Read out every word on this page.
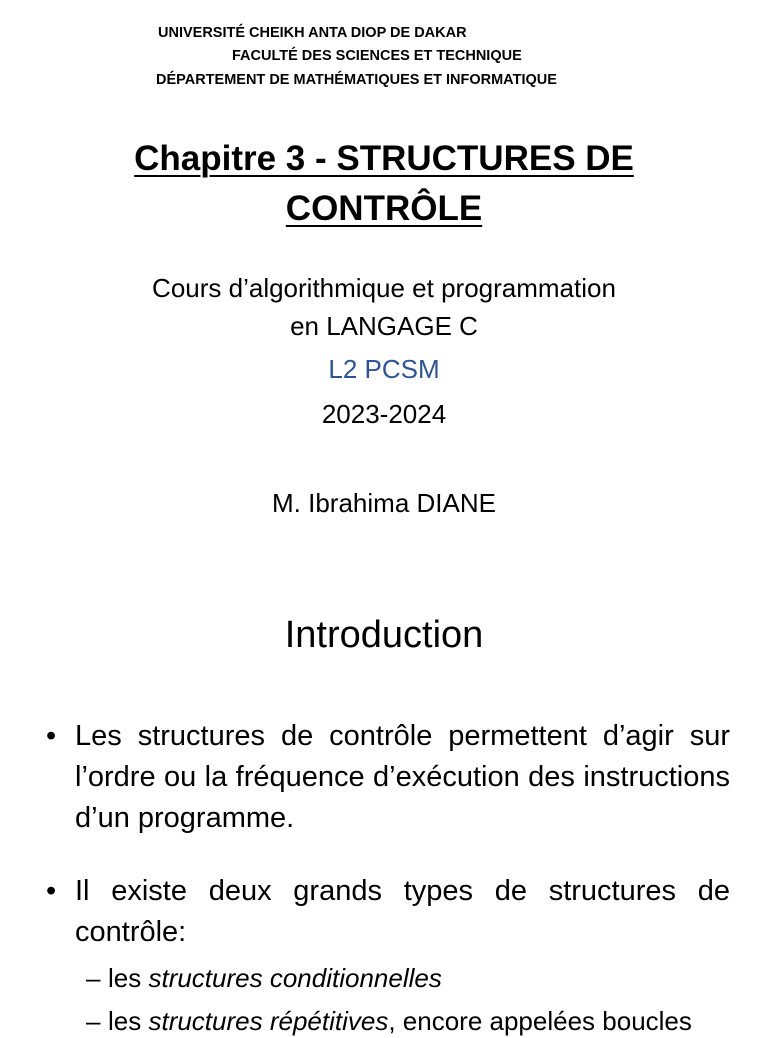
UNIVERSITÉ CHEIKH ANTA DIOP DE DAKAR

FACULTÉ DES SCIENCES ET TECHNIQUE

DÉPARTEMENT DE MATHÉMATIQUES ET INFORMATIQUE

Chapitre 3 - STRUCTURES DE CONTRÔLE

Cours d’algorithmique et programmation

en LANGAGE C

L2 PCSM

2023-2024

M. Ibrahima DIANE

Introduction
• Les structures de contrôle permettent d’agir sur l’ordre ou la fréquence d’exécution des instructions d’un programme.
• Il existe deux grands types de structures de contrôle:
– les structures conditionnelles
– les structures répétitives, encore appelées boucles
